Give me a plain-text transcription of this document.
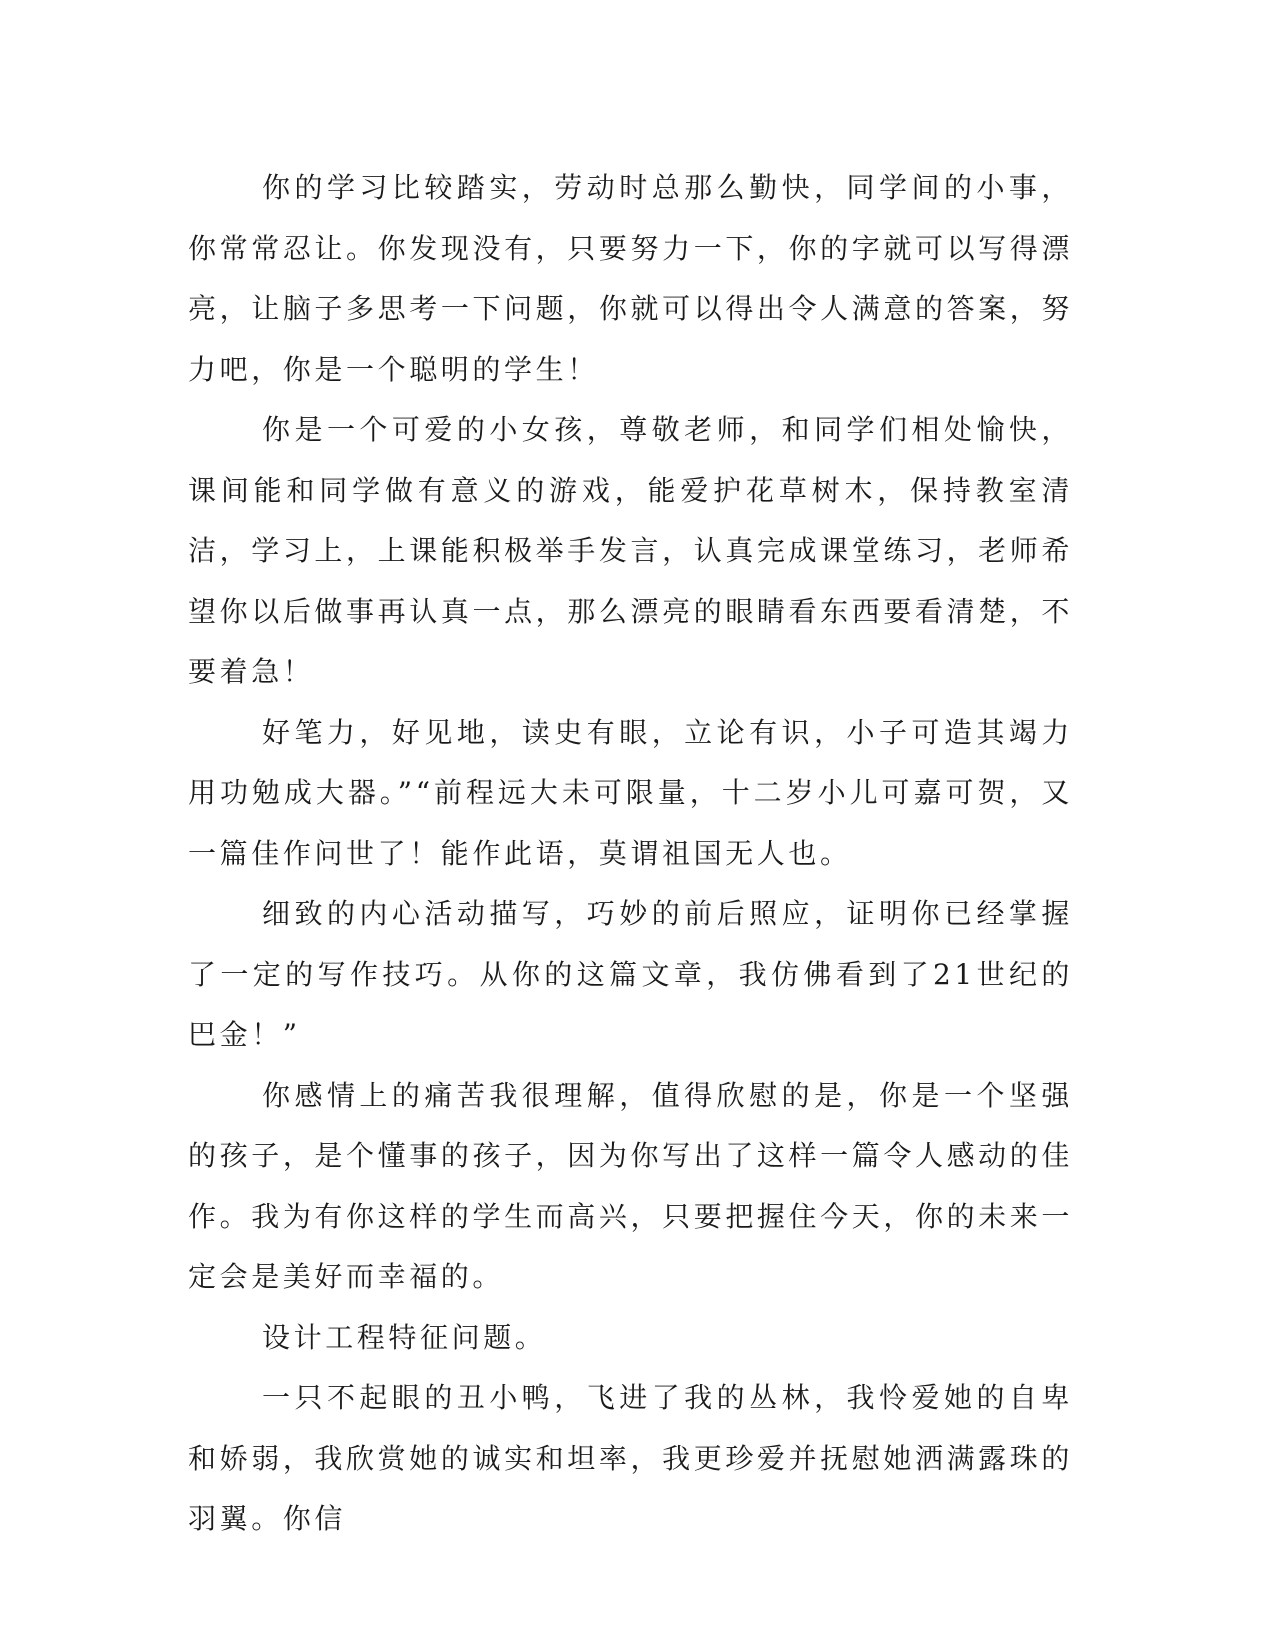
你的学习比较踏实，劳动时总那么勤快，同学间的小事，你常常忍让。你发现没有，只要努力一下，你的字就可以写得漂亮，让脑子多思考一下问题，你就可以得出令人满意的答案，努力吧，你是一个聪明的学生！

你是一个可爱的小女孩，尊敬老师，和同学们相处愉快，课间能和同学做有意义的游戏，能爱护花草树木，保持教室清洁，学习上，上课能积极举手发言，认真完成课堂练习，老师希望你以后做事再认真一点，那么漂亮的眼睛看东西要看清楚，不要着急！

好笔力，好见地，读史有眼，立论有识，小子可造其竭力用功勉成大器。”“前程远大未可限量，十二岁小儿可嘉可贺，又一篇佳作问世了！能作此语，莫谓祖国无人也。

细致的内心活动描写，巧妙的前后照应，证明你已经掌握了一定的写作技巧。从你的这篇文章，我仿佛看到了21世纪的巴金！”

你感情上的痛苦我很理解，值得欣慰的是，你是一个坚强的孩子，是个懂事的孩子，因为你写出了这样一篇令人感动的佳作。我为有你这样的学生而高兴，只要把握住今天，你的未来一定会是美好而幸福的。

设计工程特征问题。

一只不起眼的丑小鸭，飞进了我的丛林，我怜爱她的自卑和娇弱，我欣赏她的诚实和坦率，我更珍爱并抚慰她洒满露珠的羽翼。你信
